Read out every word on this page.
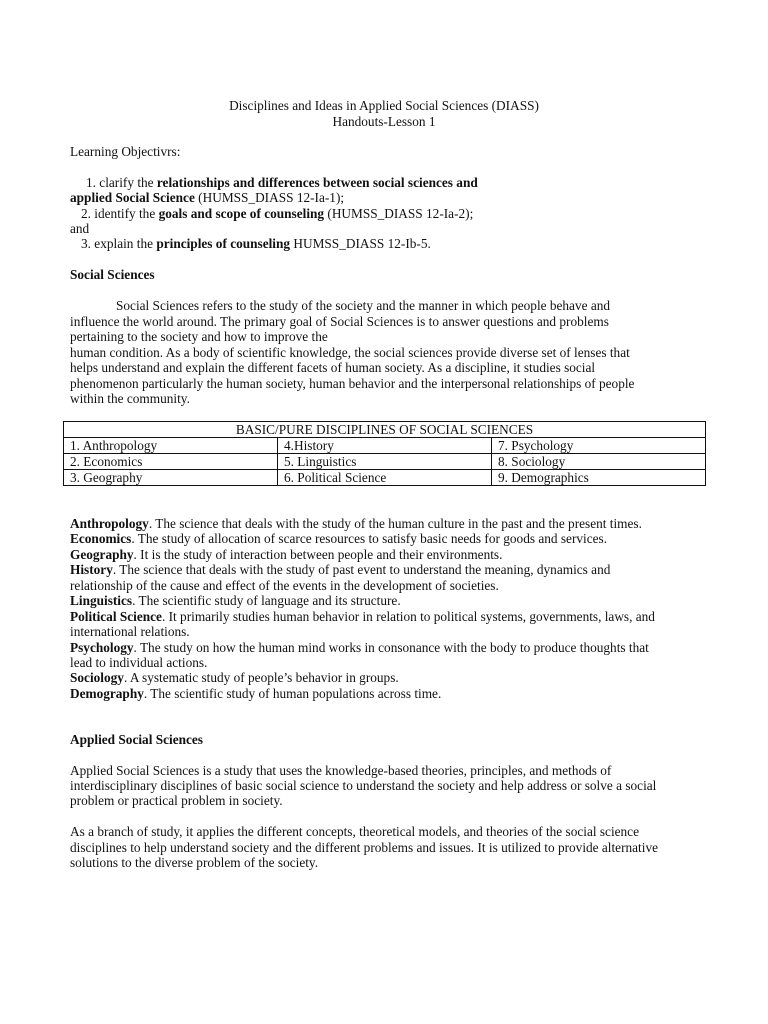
Disciplines and Ideas in Applied Social Sciences (DIASS)
Handouts-Lesson 1
Learning Objectivrs:
1. clarify the relationships and differences between social sciences and
applied Social Science (HUMSS_DIASS 12-Ia-1);
2. identify the goals and scope of counseling (HUMSS_DIASS 12-Ia-2);
and
3. explain the principles of counseling HUMSS_DIASS 12-Ib-5.
Social Sciences
Social Sciences refers to the study of the society and the manner in which people behave and
influence the world around. The primary goal of Social Sciences is to answer questions and problems
pertaining to the society and how to improve the
human condition. As a body of scientific knowledge, the social sciences provide diverse set of lenses that
helps understand and explain the different facets of human society. As a discipline, it studies social
phenomenon particularly the human society, human behavior and the interpersonal relationships of people
within the community.
BASIC/PURE DISCIPLINES OF SOCIAL SCIENCES		
1. Anthropology	4.History	7. Psychology
2. Economics	5. Linguistics	8. Sociology
3. Geography	6. Political Science	9. Demographics
Anthropology. The science that deals with the study of the human culture in the past and the present times.
Economics. The study of allocation of scarce resources to satisfy basic needs for goods and services.
Geography. It is the study of interaction between people and their environments.
History. The science that deals with the study of past event to understand the meaning, dynamics and
relationship of the cause and effect of the events in the development of societies.
Linguistics. The scientific study of language and its structure.
Political Science. It primarily studies human behavior in relation to political systems, governments, laws, and
international relations.
Psychology. The study on how the human mind works in consonance with the body to produce thoughts that
lead to individual actions.
Sociology. A systematic study of people’s behavior in groups.
Demography. The scientific study of human populations across time.
Applied Social Sciences
Applied Social Sciences is a study that uses the knowledge-based theories, principles, and methods of
interdisciplinary disciplines of basic social science to understand the society and help address or solve a social
problem or practical problem in society.
As a branch of study, it applies the different concepts, theoretical models, and theories of the social science
disciplines to help understand society and the different problems and issues. It is utilized to provide alternative
solutions to the diverse problem of the society.
